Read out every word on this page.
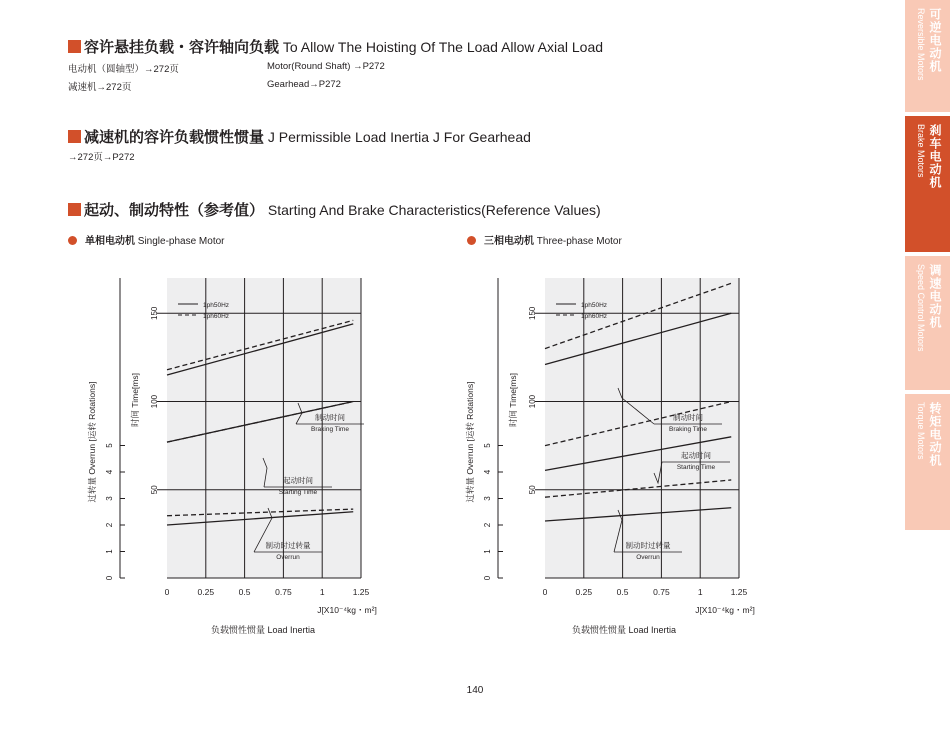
容许悬挂负载・容许轴向负载 To Allow The Hoisting Of The Load Allow Axial Load
电动机（圆轴型）→272页	Motor(Round Shaft) →P272
减速机→272页	Gearhead→P272
减速机的容许负载惯性惯量 J Permissible Load Inertia J For Gearhead
→272页→P272
起动、制动特性（参考值） Starting And Brake Characteristics(Reference Values)
单相电动机 Single-phase Motor	三相电动机 Three-phase Motor
0
1
2
3
4
5
50
100
150
过转量 Overrun [运转 Rotations]	时间 Time[ms]
0	0.25	0.5	0.75	1	1.25
J[X10⁻⁴kg・m²]
负载惯性惯量 Load Inertia
1ph50Hz
1ph60Hz
制动时间
Braking Time
起动时间
Starting Time
制动时过转量
Overrun
0
1
2
3
4
5
50
100
150
过转量 Overrun [运转 Rotations]	时间 Time[ms]
0	0.25	0.5	0.75	1	1.25
J[X10⁻⁴kg・m²]
负载惯性惯量 Load Inertia
1ph50Hz
1ph60Hz
制动时间
Braking Time
起动时间
Starting Time
制动时过转量
Overrun
可逆电动机
Reversible Motors
刹车电动机
Brake Motors
调速电动机
Speed Control Motors
转矩电动机
Torque Motors
140
